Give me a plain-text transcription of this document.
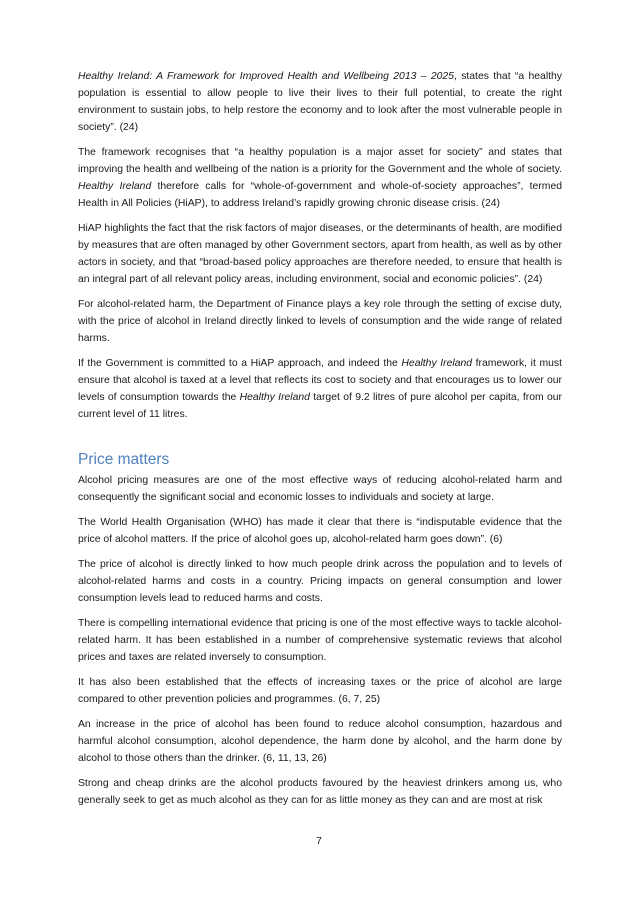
Healthy Ireland: A Framework for Improved Health and Wellbeing 2013 – 2025, states that “a healthy population is essential to allow people to live their lives to their full potential, to create the right environment to sustain jobs, to help restore the economy and to look after the most vulnerable people in society”. (24)

The framework recognises that “a healthy population is a major asset for society” and states that improving the health and wellbeing of the nation is a priority for the Government and the whole of society. Healthy Ireland therefore calls for “whole-of-government and whole-of-society approaches”, termed Health in All Policies (HiAP), to address Ireland’s rapidly growing chronic disease crisis. (24)

HiAP highlights the fact that the risk factors of major diseases, or the determinants of health, are modified by measures that are often managed by other Government sectors, apart from health, as well as by other actors in society, and that “broad-based policy approaches are therefore needed, to ensure that health is an integral part of all relevant policy areas, including environment, social and economic policies”. (24)

For alcohol-related harm, the Department of Finance plays a key role through the setting of excise duty, with the price of alcohol in Ireland directly linked to levels of consumption and the wide range of related harms.

If the Government is committed to a HiAP approach, and indeed the Healthy Ireland framework, it must ensure that alcohol is taxed at a level that reflects its cost to society and that encourages us to lower our levels of consumption towards the Healthy Ireland target of 9.2 litres of pure alcohol per capita, from our current level of 11 litres.

Price matters

Alcohol pricing measures are one of the most effective ways of reducing alcohol-related harm and consequently the significant social and economic losses to individuals and society at large.

The World Health Organisation (WHO) has made it clear that there is “indisputable evidence that the price of alcohol matters. If the price of alcohol goes up, alcohol-related harm goes down”. (6)

The price of alcohol is directly linked to how much people drink across the population and to levels of alcohol-related harms and costs in a country. Pricing impacts on general consumption and lower consumption levels lead to reduced harms and costs.

There is compelling international evidence that pricing is one of the most effective ways to tackle alcohol-related harm. It has been established in a number of comprehensive systematic reviews that alcohol prices and taxes are related inversely to consumption.

It has also been established that the effects of increasing taxes or the price of alcohol are large compared to other prevention policies and programmes. (6, 7, 25)

An increase in the price of alcohol has been found to reduce alcohol consumption, hazardous and harmful alcohol consumption, alcohol dependence, the harm done by alcohol, and the harm done by alcohol to those others than the drinker. (6, 11, 13, 26)

Strong and cheap drinks are the alcohol products favoured by the heaviest drinkers among us, who generally seek to get as much alcohol as they can for as little money as they can and are most at risk

7
